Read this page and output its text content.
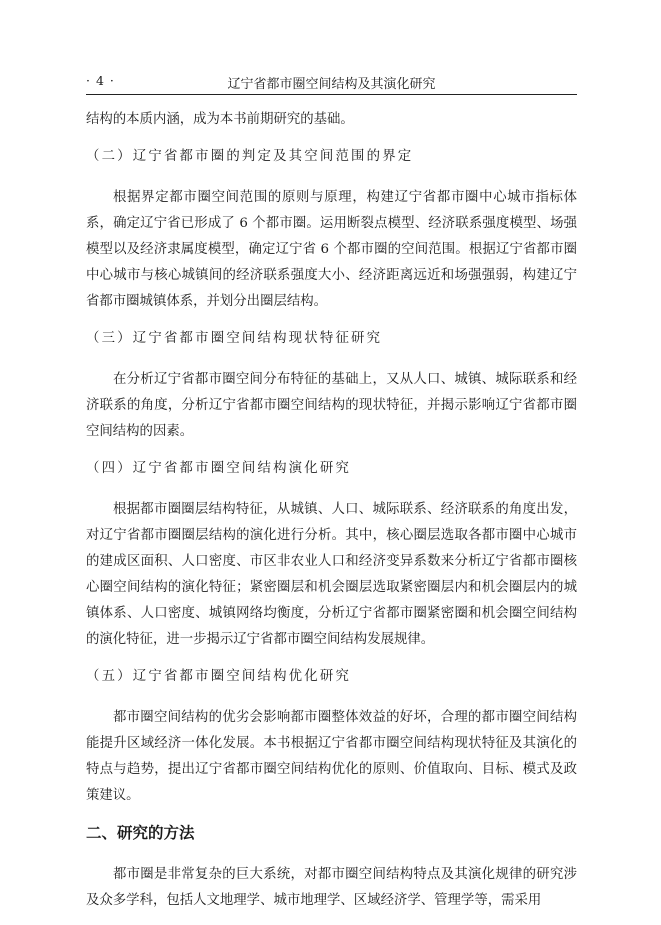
· 4 ·	辽宁省都市圈空间结构及其演化研究

结构的本质内涵，成为本书前期研究的基础。

（二）辽宁省都市圈的判定及其空间范围的界定

根据界定都市圈空间范围的原则与原理，构建辽宁省都市圈中心城市指标体系，确定辽宁省已形成了 6 个都市圈。运用断裂点模型、经济联系强度模型、场强模型以及经济隶属度模型，确定辽宁省 6 个都市圈的空间范围。根据辽宁省都市圈中心城市与核心城镇间的经济联系强度大小、经济距离远近和场强强弱，构建辽宁省都市圈城镇体系，并划分出圈层结构。

（三）辽宁省都市圈空间结构现状特征研究

在分析辽宁省都市圈空间分布特征的基础上，又从人口、城镇、城际联系和经济联系的角度，分析辽宁省都市圈空间结构的现状特征，并揭示影响辽宁省都市圈空间结构的因素。

（四）辽宁省都市圈空间结构演化研究

根据都市圈圈层结构特征，从城镇、人口、城际联系、经济联系的角度出发，对辽宁省都市圈圈层结构的演化进行分析。其中，核心圈层选取各都市圈中心城市的建成区面积、人口密度、市区非农业人口和经济变异系数来分析辽宁省都市圈核心圈空间结构的演化特征；紧密圈层和机会圈层选取紧密圈层内和机会圈层内的城镇体系、人口密度、城镇网络均衡度，分析辽宁省都市圈紧密圈和机会圈空间结构的演化特征，进一步揭示辽宁省都市圈空间结构发展规律。

（五）辽宁省都市圈空间结构优化研究

都市圈空间结构的优劣会影响都市圈整体效益的好坏，合理的都市圈空间结构能提升区域经济一体化发展。本书根据辽宁省都市圈空间结构现状特征及其演化的特点与趋势，提出辽宁省都市圈空间结构优化的原则、价值取向、目标、模式及政策建议。

二、研究的方法

都市圈是非常复杂的巨大系统，对都市圈空间结构特点及其演化规律的研究涉及众多学科，包括人文地理学、城市地理学、区域经济学、管理学等，需采用
